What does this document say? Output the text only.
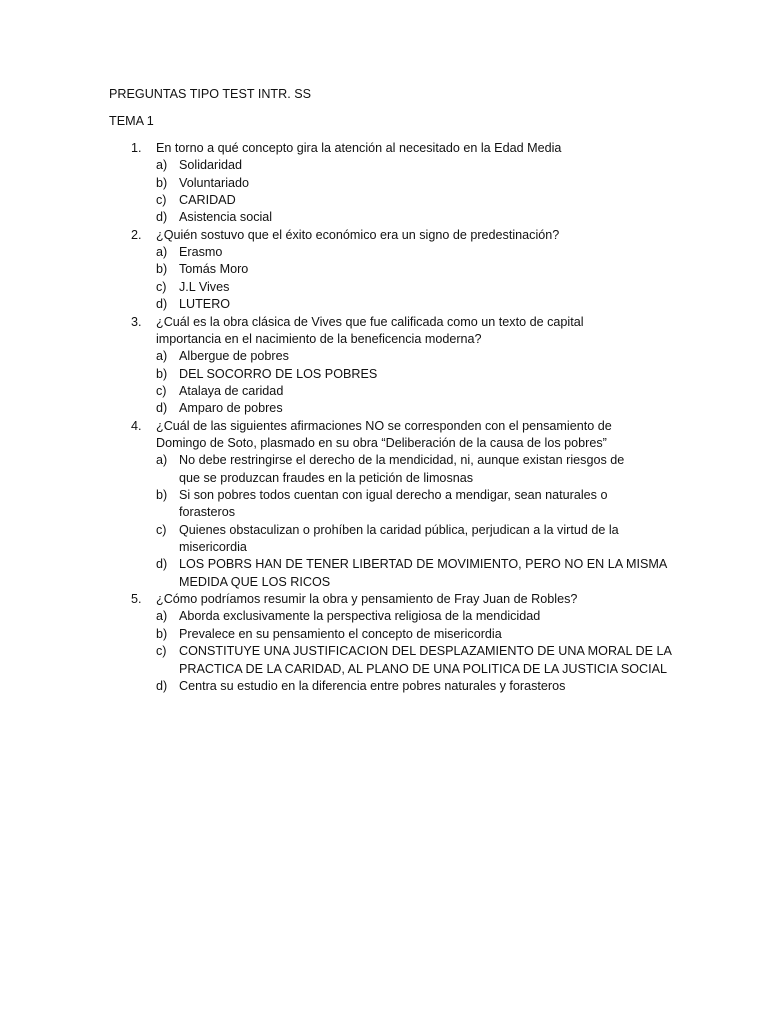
PREGUNTAS TIPO TEST INTR. SS
TEMA 1
1. En torno a qué concepto gira la atención al necesitado en la Edad Media
a) Solidaridad
b) Voluntariado
c) CARIDAD
d) Asistencia social
2. ¿Quién sostuvo que el éxito económico era un signo de predestinación?
a) Erasmo
b) Tomás Moro
c) J.L Vives
d) LUTERO
3. ¿Cuál es la obra clásica de Vives que fue calificada como un texto de capital
importancia en el nacimiento de la beneficencia moderna?
a) Albergue de pobres
b) DEL SOCORRO DE LOS POBRES
c) Atalaya de caridad
d) Amparo de pobres
4. ¿Cuál de las siguientes afirmaciones NO se corresponden con el pensamiento de
Domingo de Soto, plasmado en su obra “Deliberación de la causa de los pobres”
a) No debe restringirse el derecho de la mendicidad, ni, aunque existan riesgos de
que se produzcan fraudes en la petición de limosnas
b) Si son pobres todos cuentan con igual derecho a mendigar, sean naturales o
forasteros
c) Quienes obstaculizan o prohíben la caridad pública, perjudican a la virtud de la
misericordia
d) LOS POBRS HAN DE TENER LIBERTAD DE MOVIMIENTO, PERO NO EN LA MISMA
MEDIDA QUE LOS RICOS
5. ¿Cómo podríamos resumir la obra y pensamiento de Fray Juan de Robles?
a) Aborda exclusivamente la perspectiva religiosa de la mendicidad
b) Prevalece en su pensamiento el concepto de misericordia
c) CONSTITUYE UNA JUSTIFICACION DEL DESPLAZAMIENTO DE UNA MORAL DE LA
PRACTICA DE LA CARIDAD, AL PLANO DE UNA POLITICA DE LA JUSTICIA SOCIAL
d) Centra su estudio en la diferencia entre pobres naturales y forasteros
